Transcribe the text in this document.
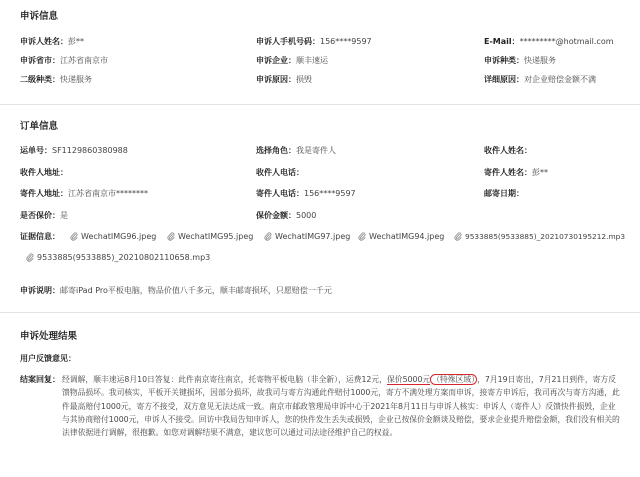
申诉信息
申诉人姓名：彭**	申诉人手机号码：156****9597	E-Mail：*********@hotmail.com
申诉省市：江苏省南京市	申诉企业：顺丰速运	申诉种类：快递服务
二级种类：快递服务	申诉原因：损毁	详细原因：对企业赔偿金额不满
订单信息
运单号：SF1129860380988	选择角色：我是寄件人	收件人姓名：
收件人地址：	收件人电话：	寄件人姓名：彭**
寄件人地址：江苏省南京市********	寄件人电话：156****9597	邮寄日期：
是否保价：是	保价金额：5000
证据信息：	WechatIMG96.jpeg	WechatIMG95.jpeg	WechatIMG97.jpeg WechatIMG94.jpeg	9533885(9533885)_20210730195212.mp3
9533885(9533885)_20210802110658.mp3
申诉说明：邮寄iPad Pro平板电脑，物品价值八千多元，顺丰邮寄损坏，只愿赔偿一千元
申诉处理结果
用户反馈意见：
结案回复： 经调解，顺丰速运8月10日答复：此件南京寄往南京，托寄物平板电脑（非全新），运费12元，保价5000元 （特殊区域） ，7月19日寄出，7月21日到件，寄方反馈物品损坏。我司核实，平板开关键损坏，因部分损坏，故我司与寄方沟通此件赔付1000元，寄方不满处理方案而申诉，接寄方申诉后，我司再次与寄方沟通，此件最高赔付1000元，寄方不接受，双方意见无法达成一致。南京市邮政管理局申诉中心于2021年8月11日与申诉人核实：申诉人（寄件人）反馈快件损毁，企业与其协商赔付1000元，申诉人不接受。回访中我局告知申诉人，您的快件发生丢失或损毁，企业已按保价金额谈及赔偿，要求企业提升赔偿金额，我们没有相关的法律依据进行调解，很抱歉。如您对调解结果不满意，建议您可以通过司法途径维护自己的权益。
